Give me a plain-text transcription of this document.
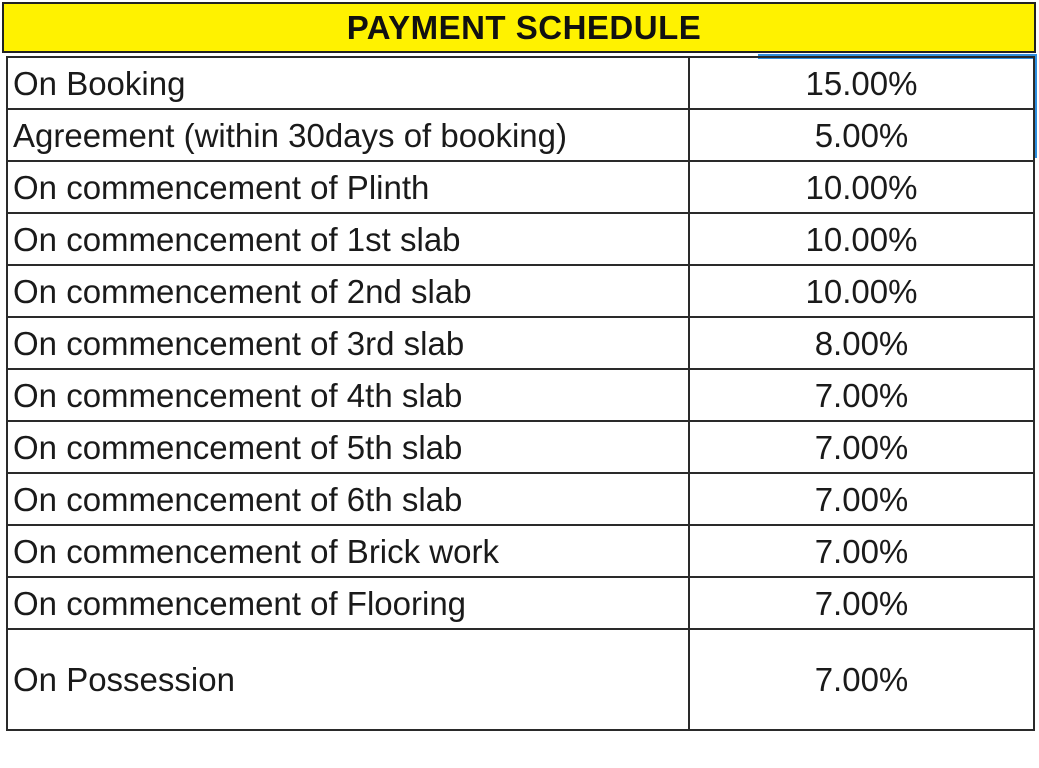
PAYMENT SCHEDULE
On Booking	15.00%
Agreement (within 30days of booking)	5.00%
On commencement of Plinth	10.00%
On commencement of 1st slab	10.00%
On commencement of 2nd slab	10.00%
On commencement of 3rd slab	8.00%
On commencement of 4th slab	7.00%
On commencement of 5th slab	7.00%
On commencement of 6th slab	7.00%
On commencement of Brick work	7.00%
On commencement of Flooring	7.00%
On Possession	7.00%
